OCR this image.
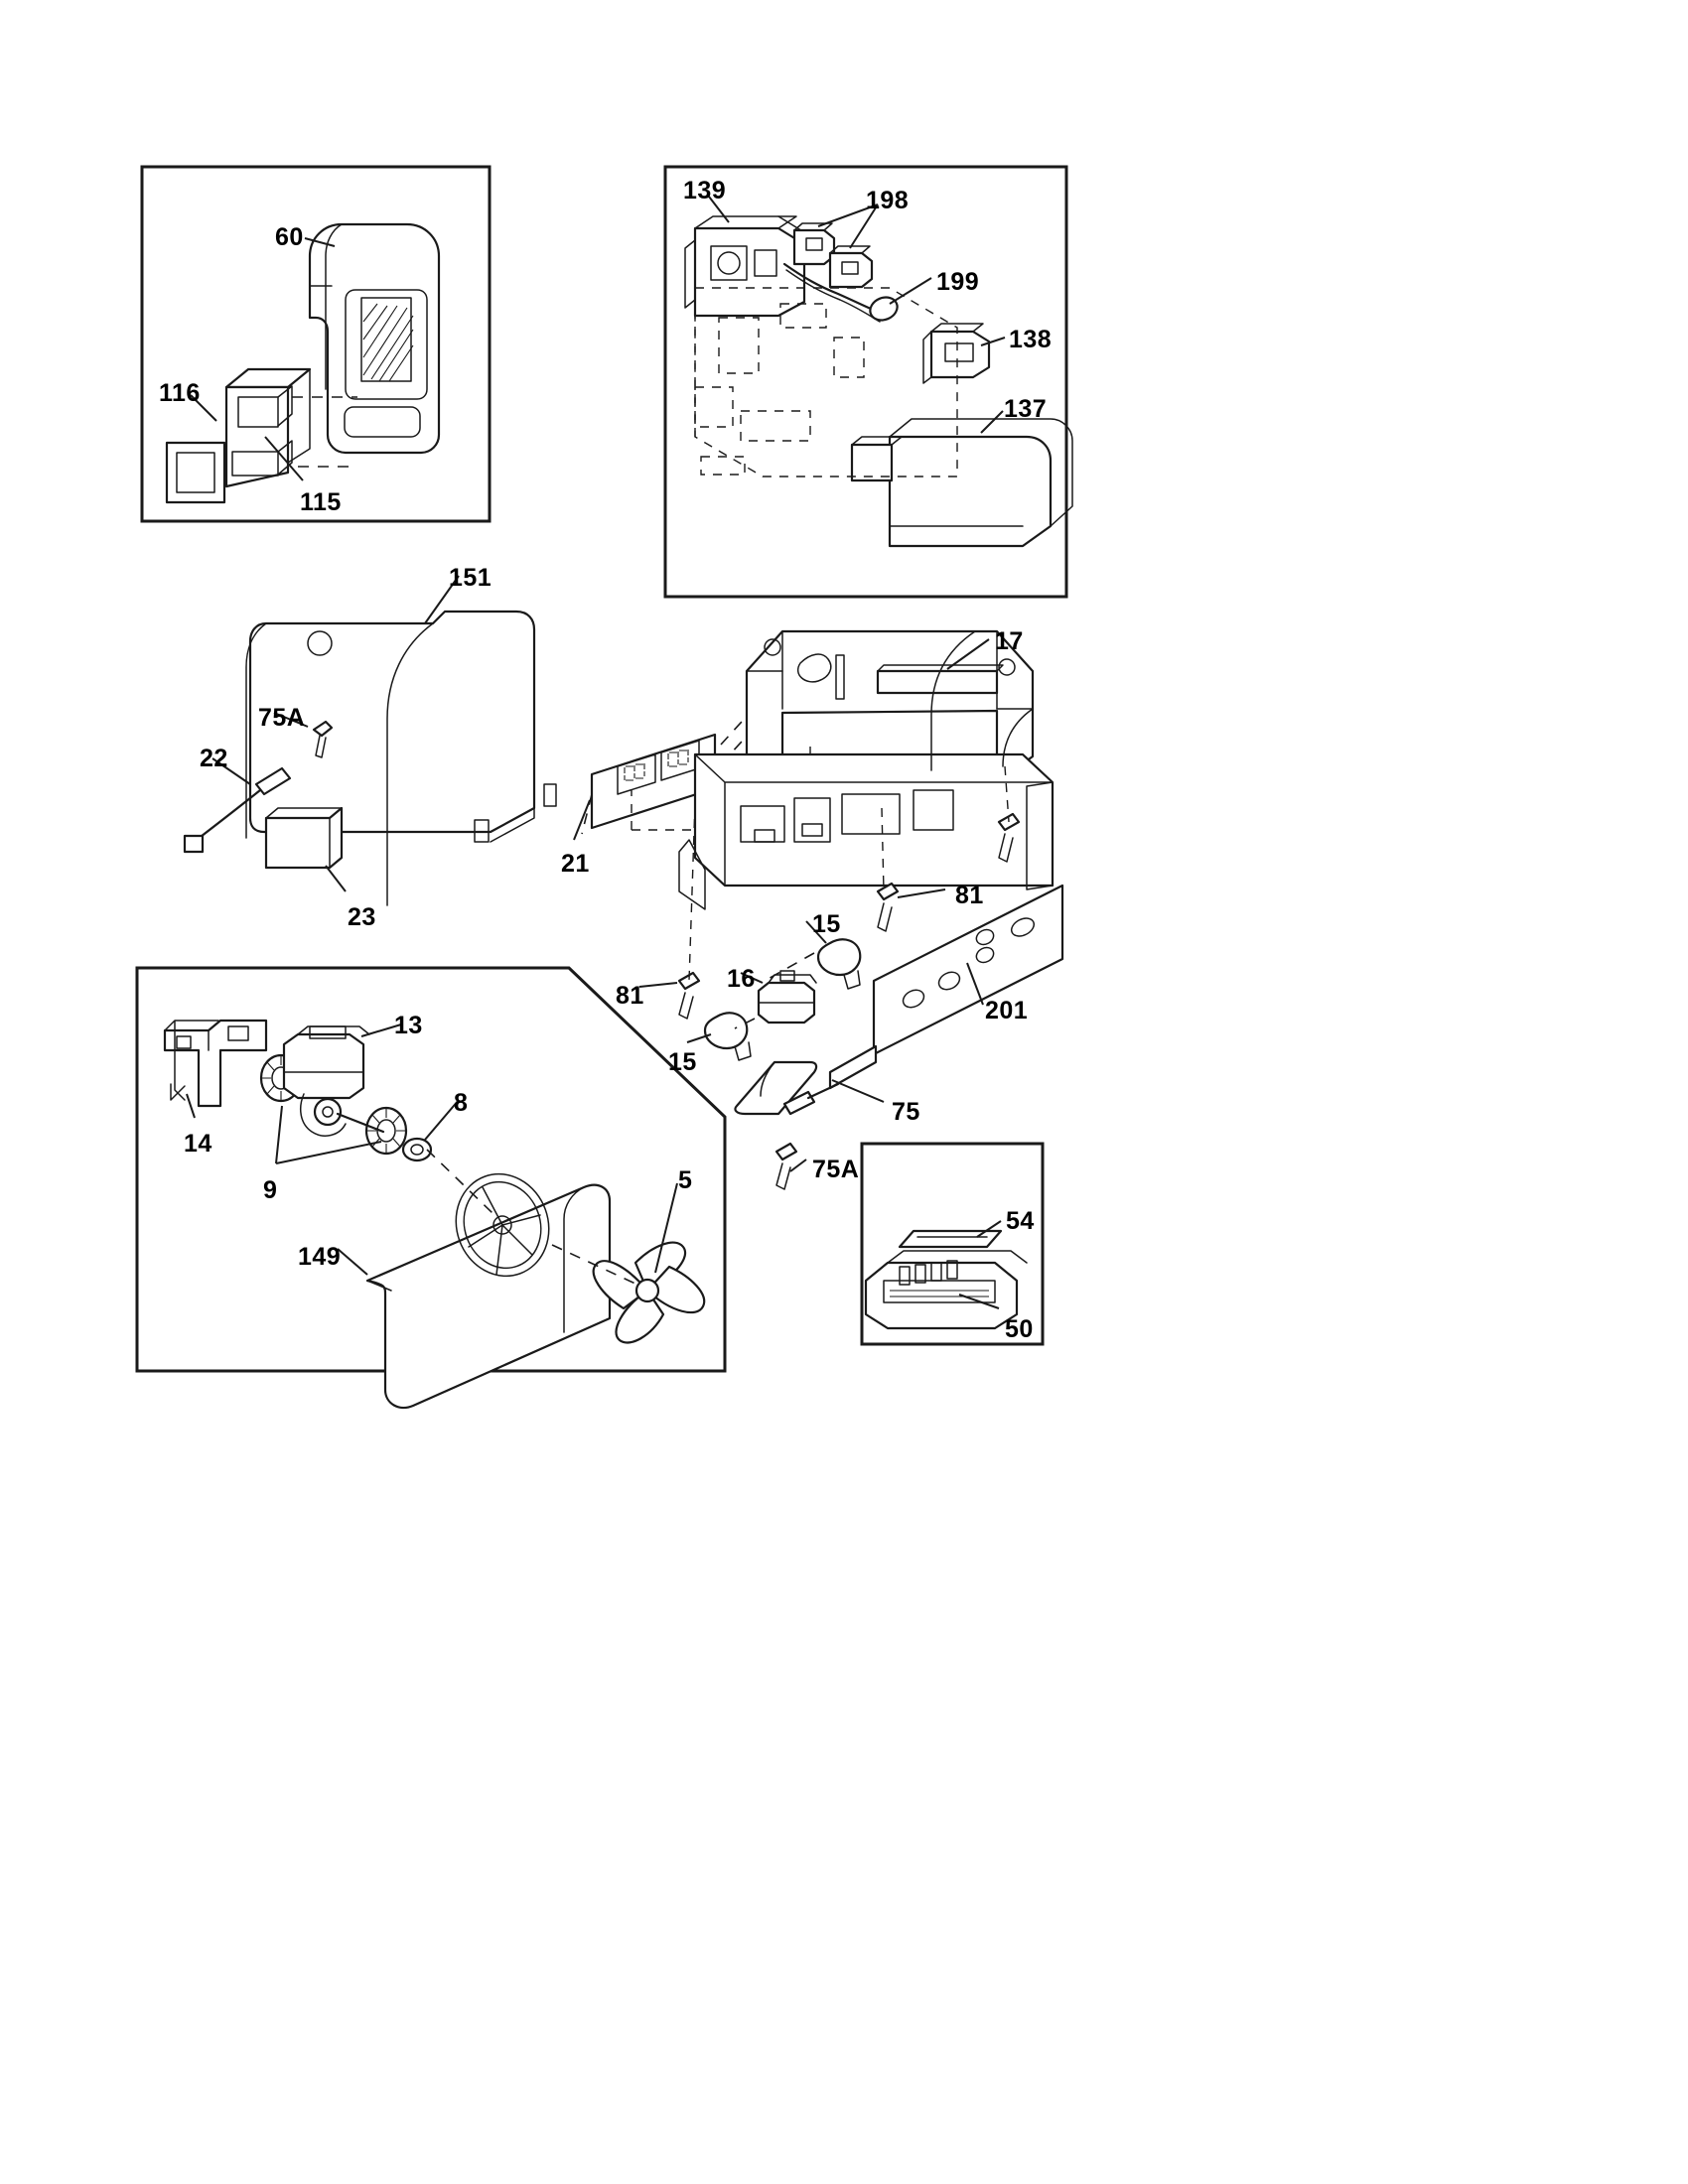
60
116
115
139	198
199
138
137
151
17
75A
22
21
23
81
15
16
81
201
15
13
8
14
9	5
75
75A
149
54
50
